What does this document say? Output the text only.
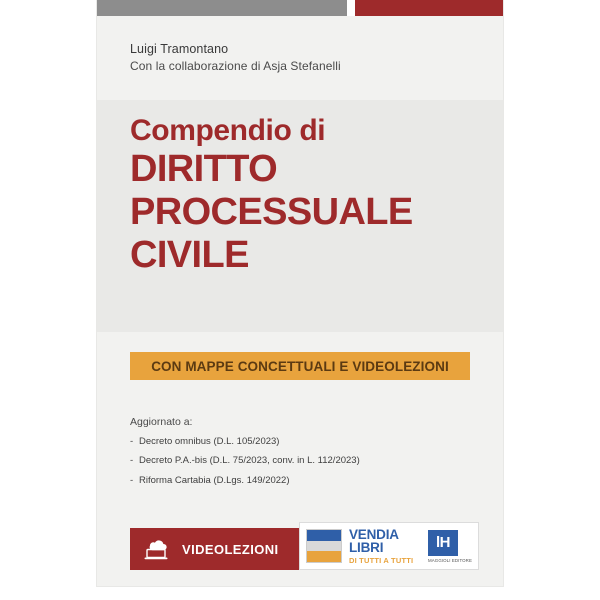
Luigi Tramontano
Con la collaborazione di Asja Stefanelli
Compendio di
DIRITTO
PROCESSUALE
CIVILE
CON MAPPE CONCETTUALI E VIDEOLEZIONI
Aggiornato a:
- Decreto omnibus (D.L. 105/2023)
- Decreto P.A.-bis (D.L. 75/2023, conv. in L. 112/2023)
- Riforma Cartabia (D.Lgs. 149/2022)
VIDEOLEZIONI
VENDIA
LIBRI
DI TUTTI A TUTTI
lH
MAGGIOLI EDITORE
